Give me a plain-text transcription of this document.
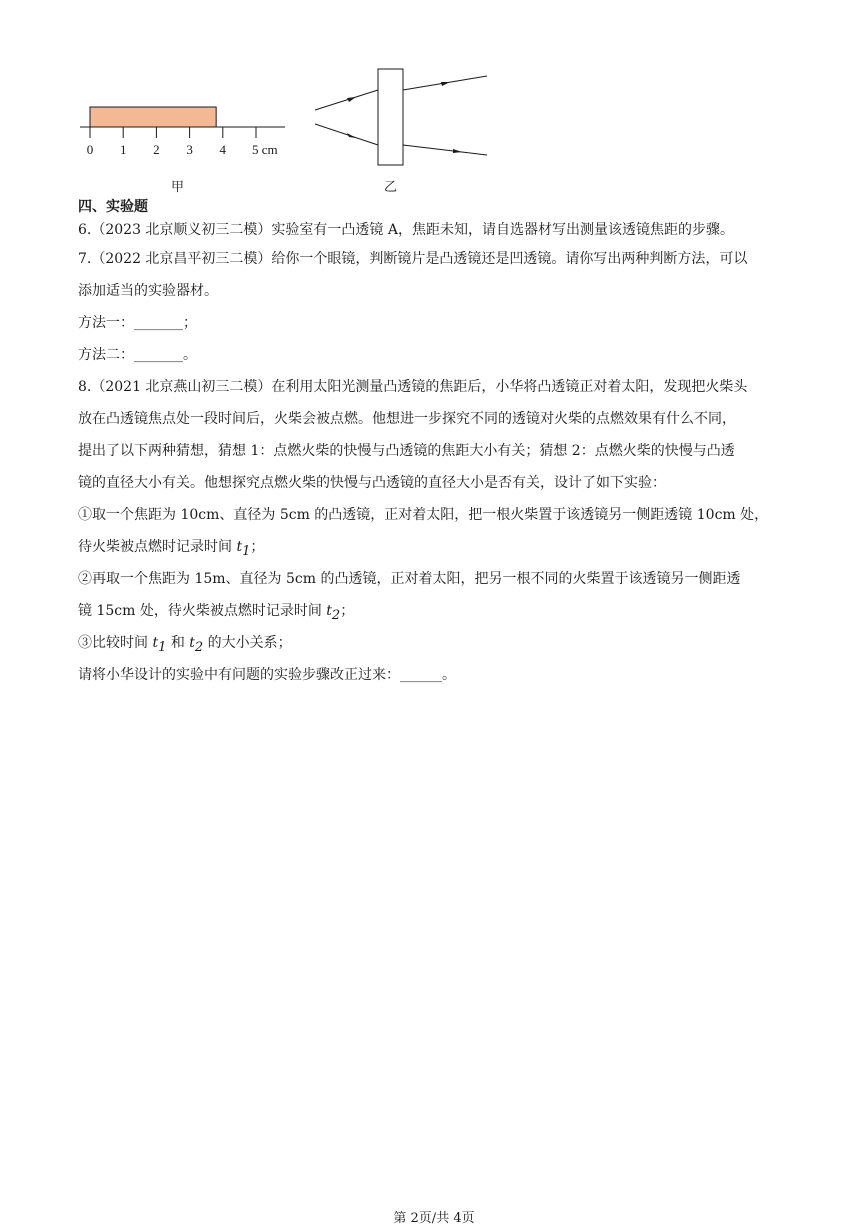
0 1 2 3 4 5 cm
甲	乙
四、实验题
6.（2023 北京顺义初三二模）实验室有一凸透镜 A，焦距未知，请自选器材写出测量该透镜焦距的步骤。
7.（2022 北京昌平初三二模）给你一个眼镜，判断镜片是凸透镜还是凹透镜。请你写出两种判断方法，可以
添加适当的实验器材。
方法一：_______；
方法二：_______。
8.（2021 北京燕山初三二模）在利用太阳光测量凸透镜的焦距后，小华将凸透镜正对着太阳，发现把火柴头
放在凸透镜焦点处一段时间后，火柴会被点燃。他想进一步探究不同的透镜对火柴的点燃效果有什么不同，
提出了以下两种猜想，猜想 1：点燃火柴的快慢与凸透镜的焦距大小有关；猜想 2：点燃火柴的快慢与凸透
镜的直径大小有关。他想探究点燃火柴的快慢与凸透镜的直径大小是否有关，设计了如下实验：
①取一个焦距为 10cm、直径为 5cm 的凸透镜，正对着太阳，把一根火柴置于该透镜另一侧距透镜 10cm 处，
待火柴被点燃时记录时间 $t_1$；
②再取一个焦距为 15m、直径为 5cm 的凸透镜，正对着太阳，把另一根不同的火柴置于该透镜另一侧距透
镜 15cm 处，待火柴被点燃时记录时间 $t_2$；
③比较时间 $t_1$ 和 $t_2$ 的大小关系；
请将小华设计的实验中有问题的实验步骤改正过来：______。
第 2页/共 4页
